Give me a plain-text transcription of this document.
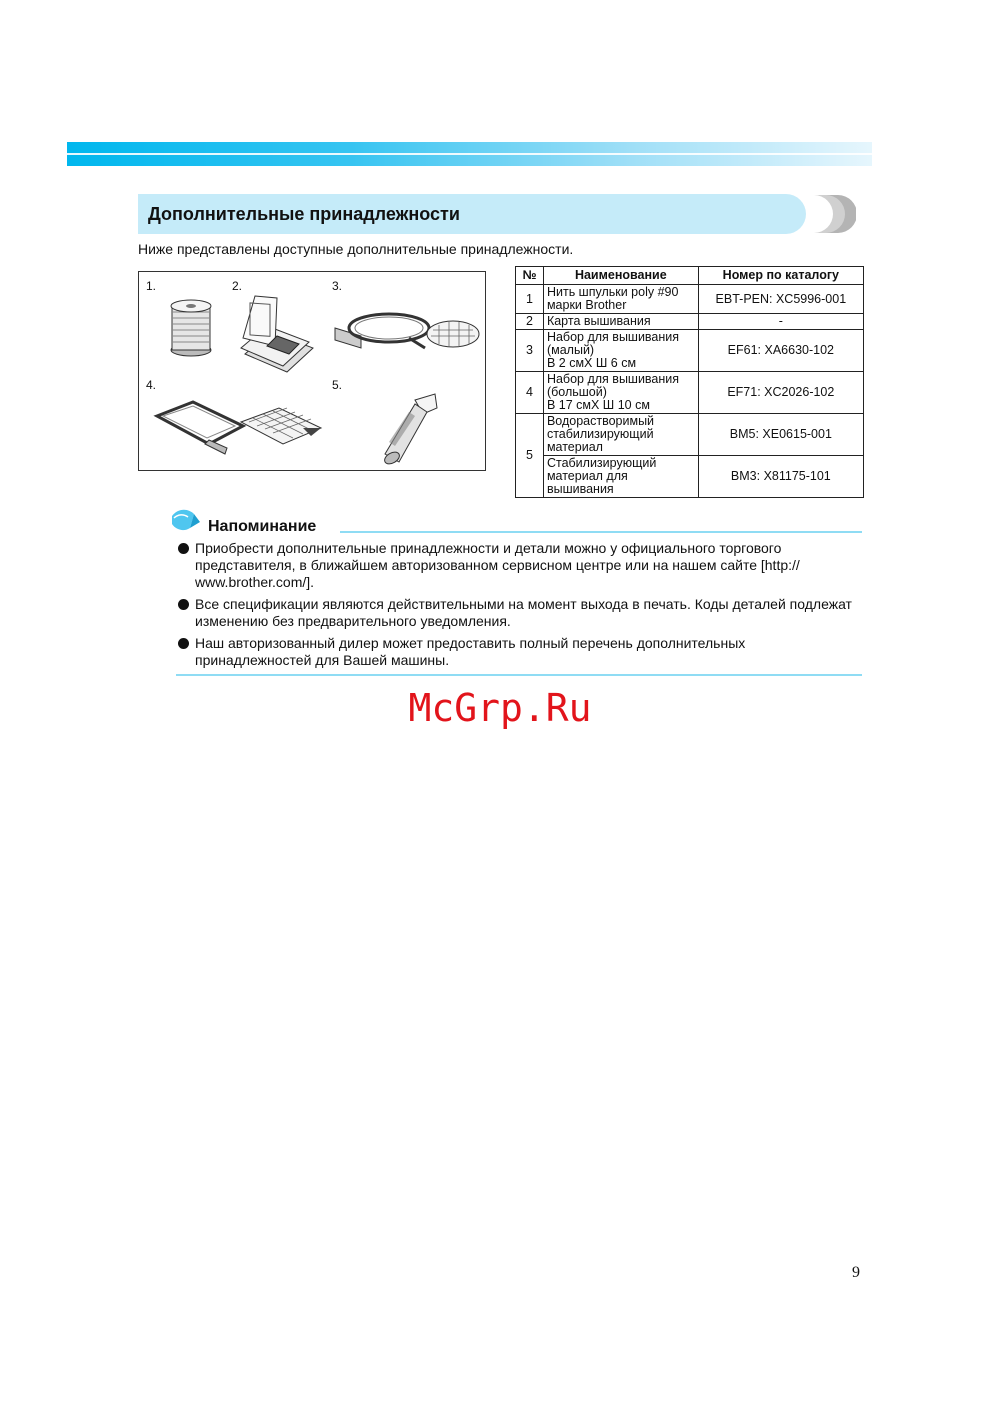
Дополнительные принадлежности
Ниже представлены доступные дополнительные принадлежности.
1.	2.	3.
4.	5.
№	Наименование	Номер по каталогу
1	Нить шпульки poly #90
марки Brother	EBT-PEN: XC5996-001
2	Карта вышивания	-
3	Набор для вышивания
(малый)
В 2 смX Ш 6 см	EF61: XA6630-102
4	Набор для вышивания
(большой)
В 17 смX Ш 10 см	EF71: XC2026-102
5	Водорастворимый
стабилизирующий
материал	BM5: XE0615-001

	Стабилизирующий
материал для
вышивания	BM3: X81175-101
Напоминание
Приобрести дополнительные принадлежности и детали можно у официального торгового представителя, в ближайшем авторизованном сервисном центре или на нашем сайте [http:// www.brother.com/].
Все спецификации являются действительными на момент выхода в печать. Коды деталей подлежат изменению без предварительного уведомления.
Наш авторизованный дилер может предоставить полный перечень дополнительных принадлежностей для Вашей машины.
McGrp.Ru
9
